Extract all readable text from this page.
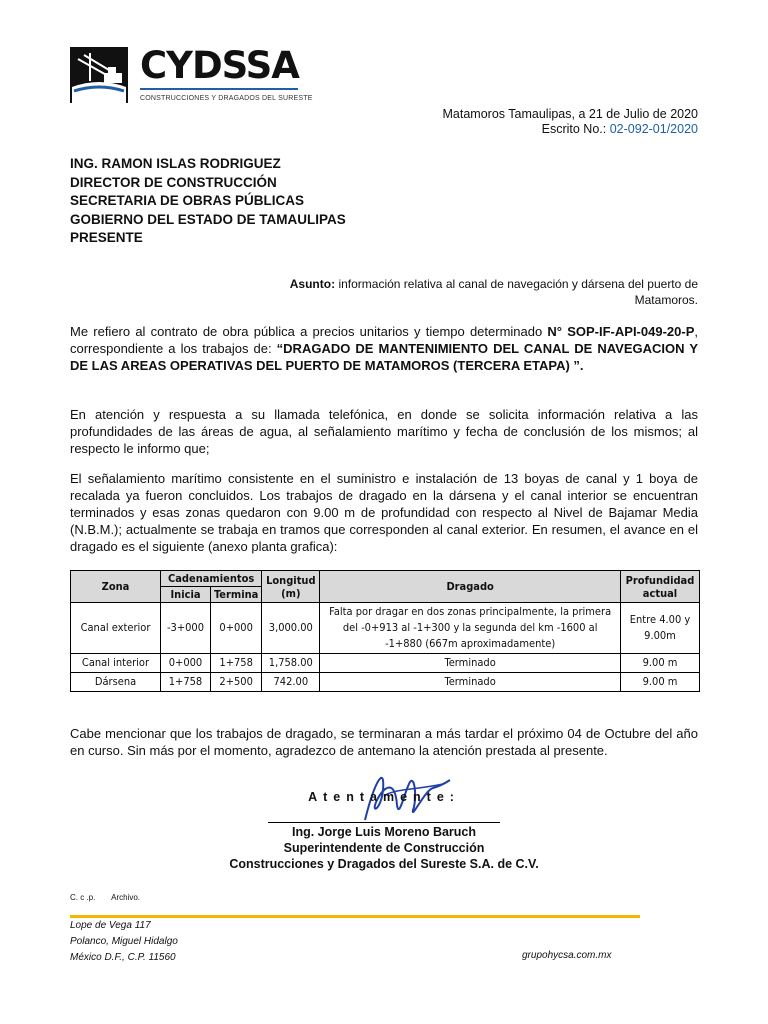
CYDSSA
CONSTRUCCIONES Y DRAGADOS DEL SURESTE
Matamoros Tamaulipas, a 21 de Julio de 2020
Escrito No.: 02-092-01/2020
ING. RAMON ISLAS RODRIGUEZ
DIRECTOR DE CONSTRUCCIÓN
SECRETARIA DE OBRAS PÚBLICAS
GOBIERNO DEL ESTADO DE TAMAULIPAS
PRESENTE
Asunto: información relativa al canal de navegación y dársena del puerto de Matamoros.
Me refiero al contrato de obra pública a precios unitarios y tiempo determinado N° SOP-IF-API-049-20-P, correspondiente a los trabajos de: “DRAGADO DE MANTENIMIENTO DEL CANAL DE NAVEGACION Y DE LAS AREAS OPERATIVAS DEL PUERTO DE MATAMOROS (TERCERA ETAPA) ”.
En atención y respuesta a su llamada telefónica, en donde se solicita información relativa a las profundidades de las áreas de agua, al señalamiento marítimo y fecha de conclusión de los mismos; al respecto le informo que;
El señalamiento marítimo consistente en el suministro e instalación de 13 boyas de canal y 1 boya de recalada ya fueron concluidos. Los trabajos de dragado en la dársena y el canal interior se encuentran terminados y esas zonas quedaron con 9.00 m de profundidad con respecto al Nivel de Bajamar Media (N.B.M.); actualmente se trabaja en tramos que corresponden al canal exterior. En resumen, el avance en el dragado es el siguiente (anexo planta grafica):
Zona	Cadenamientos		Longitud (m)	Dragado	Profundidad actual
	Inicia	Termina			
Canal exterior	-3+000	0+000	3,000.00	Falta por dragar en dos zonas principalmente, la primera del -0+913 al -1+300 y la segunda del km -1600 al -1+880 (667m aproximadamente)	Entre 4.00 y 9.00m
Canal interior	0+000	1+758	1,758.00	Terminado	9.00 m
Dársena	1+758	2+500	742.00	Terminado	9.00 m
Cabe mencionar que los trabajos de dragado, se terminaran a más tardar el próximo 04 de Octubre del año en curso. Sin más por el momento, agradezco de antemano la atención prestada al presente.
Atentamente:
Ing. Jorge Luis Moreno Baruch
Superintendente de Construcción
Construcciones y Dragados del Sureste S.A. de C.V.
C. c .p. Archivo.
Lope de Vega 117
Polanco, Miguel Hidalgo
México D.F., C.P. 11560	grupohycsa.com.mx
